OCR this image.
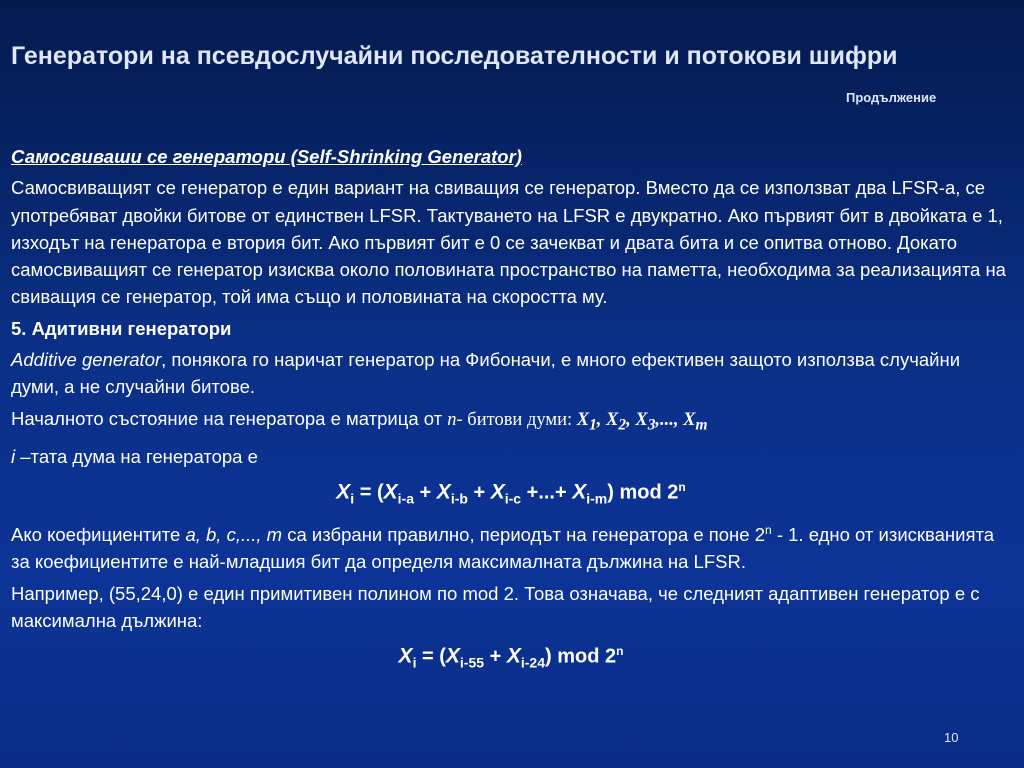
Генератори на псевдослучайни последователности и потокови шифри
Продължение

Самосвиваши се генератори (Self-Shrinking Generator)

Самосвиващият се генератор е един вариант на свиващия се генератор. Вместо да се използват два LFSR-a, се употребяват двойки битове от единствен LFSR. Тактуването на LFSR е двукратно. Ако първият бит в двойката е 1, изходът на генератора е втория бит. Ако първият бит е 0 се зачекват и двата бита и се опитва отново. Докато самосвиващият се генератор изисква около половината пространство на паметта, необходима за реализацията на свиващия се генератор, той има също и половината на скоростта му.

5. Адитивни генератори

Additive generator, понякога го наричат генератор на Фибоначи, е много ефективен защото използва случайни думи, а не случайни битове.

Началното състояние на генератора е матрица от n- битови думи: $X_1$, $X_2$, $X_3$,..., $X_m$

i –тата дума на генератора е

$X_i = (X_{i-a} + X_{i-b} + X_{i-c}$ +...+ $X_{i-m}$) mod 2$^n$

Ако коефициентите a, b, c,..., m са избрани правилно, периодът на генератора е поне 2$^n$ - 1. едно от изискванията за коефициентите е най-младшия бит да определя максималната дължина на LFSR.

Например, (55,24,0) е един примитивен полином по mod 2. Това означава, че следният адаптивен генератор е с максимална дължина:

$X_i = (X_{i-55} + X_{i-24})$ mod 2$^n$

10
